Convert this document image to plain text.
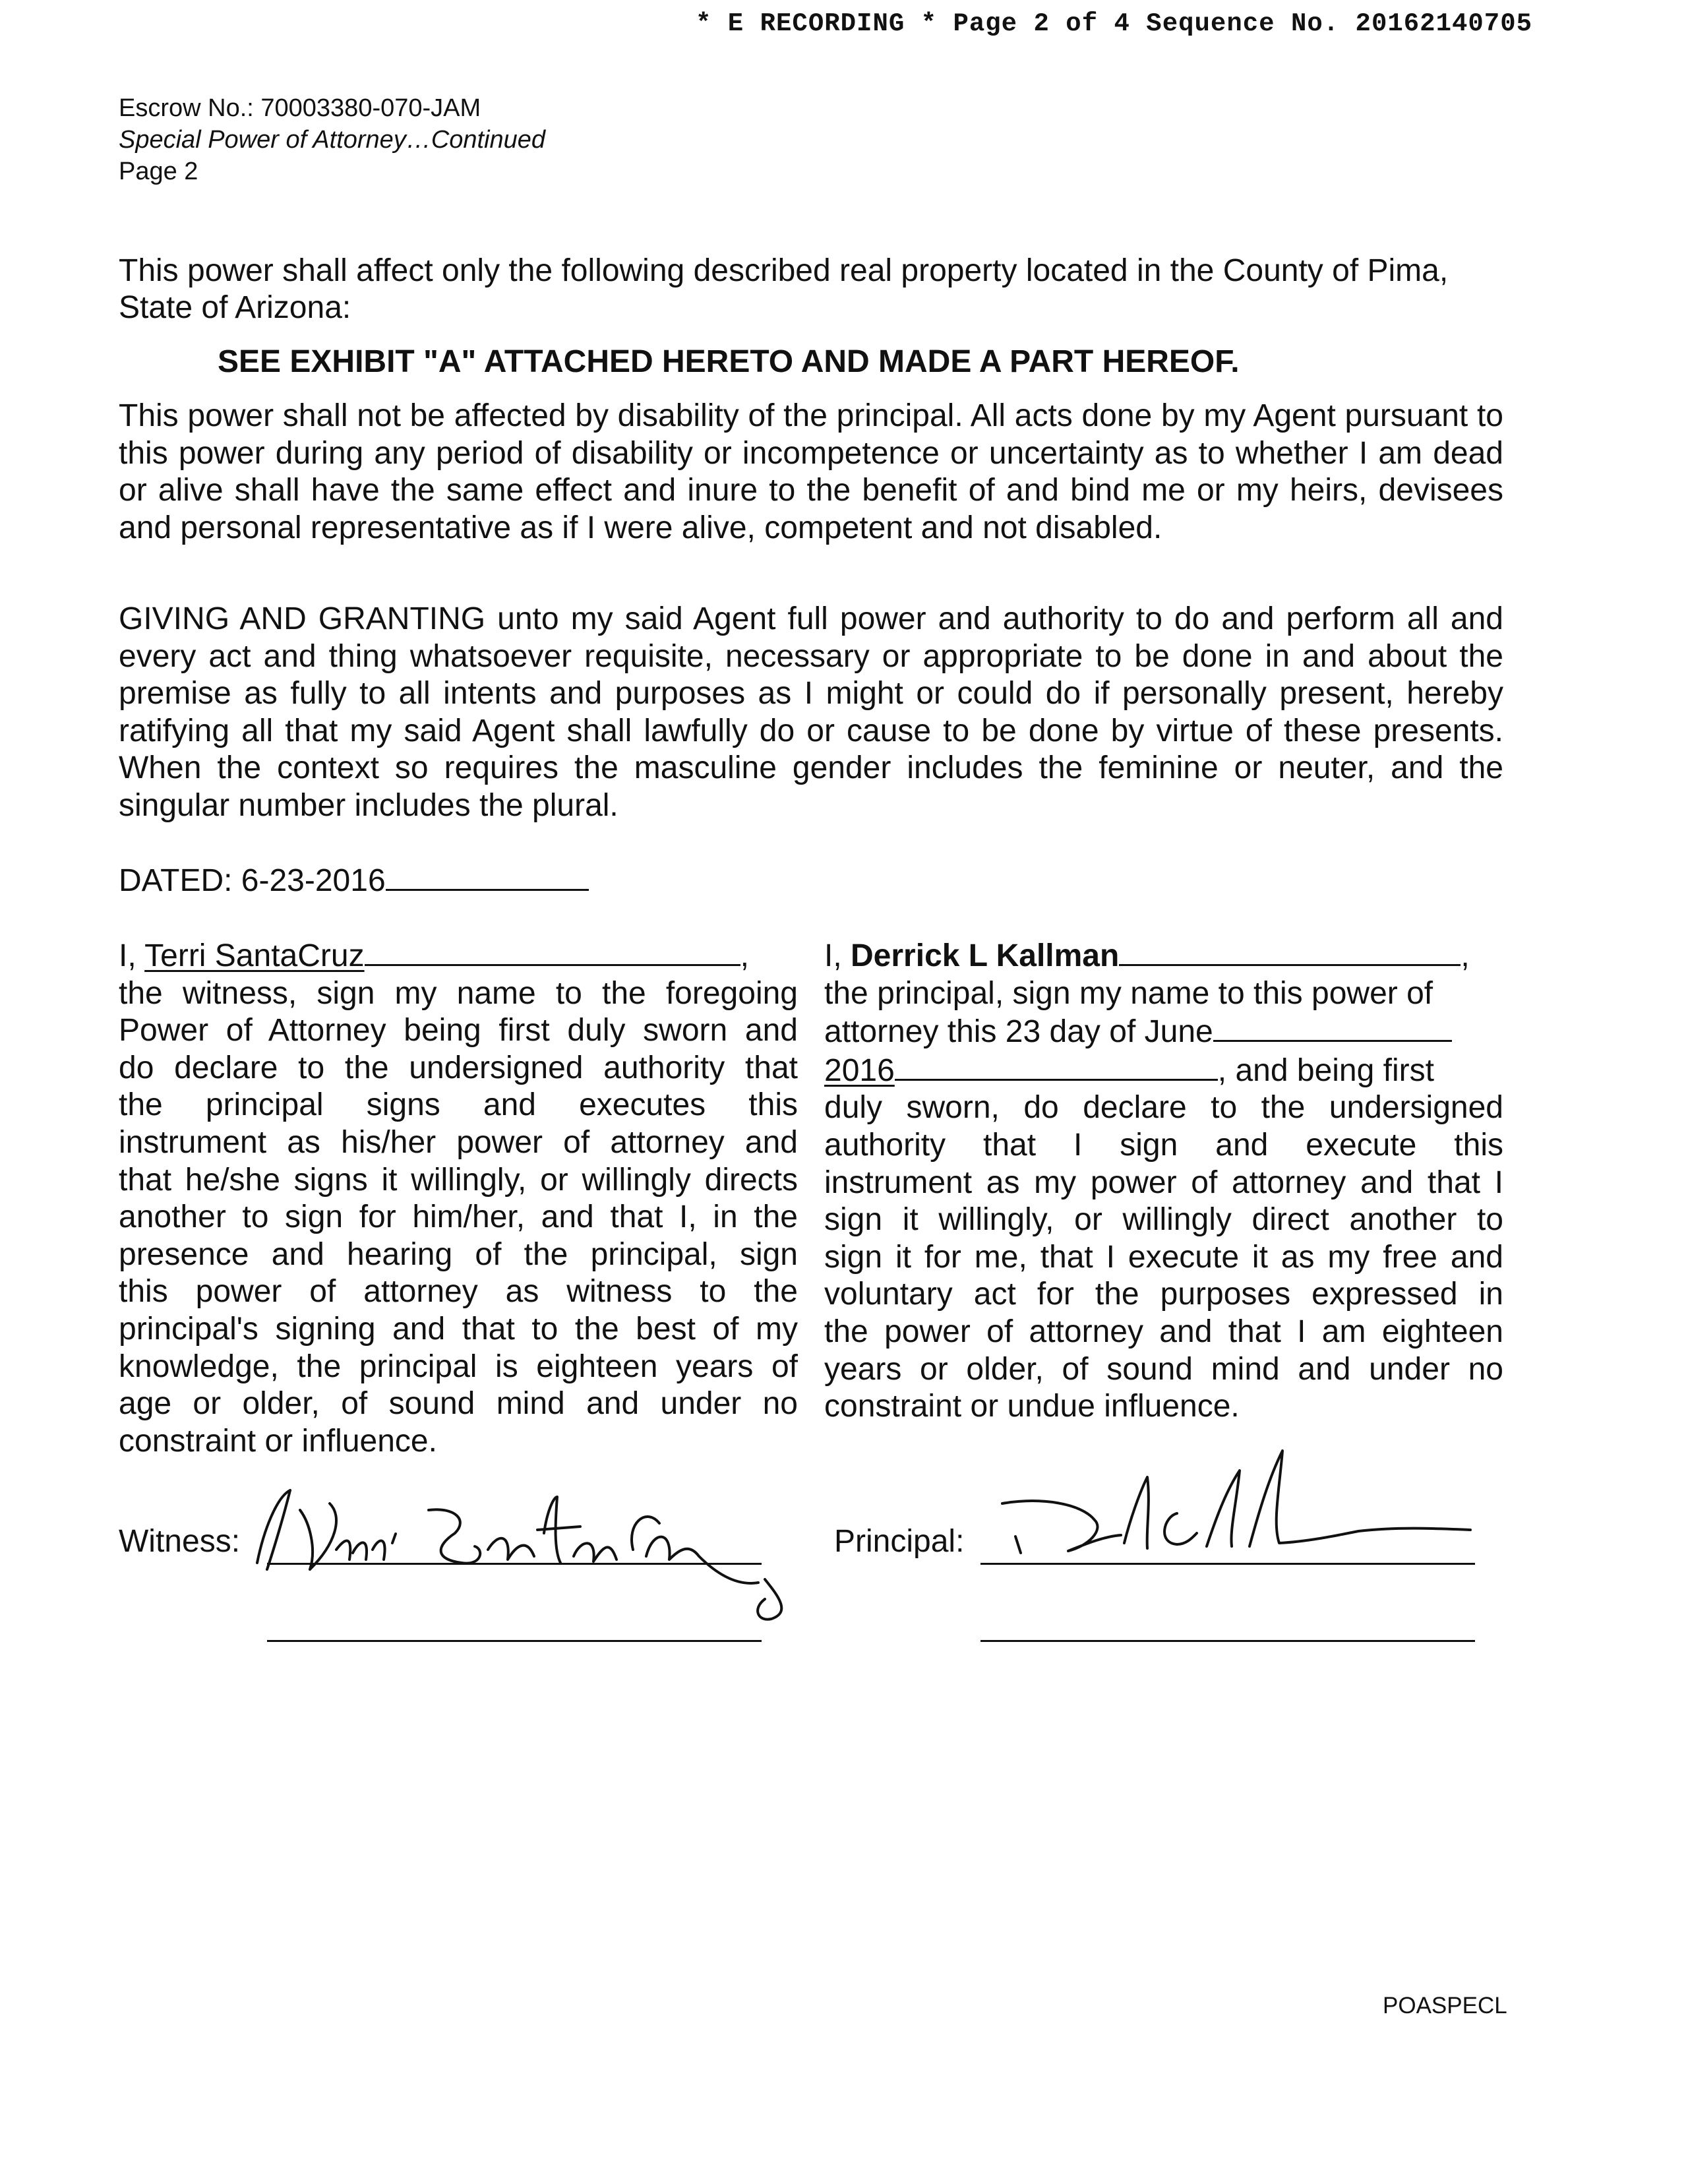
* E RECORDING * Page 2 of 4 Sequence No. 20162140705
Escrow No.: 70003380-070-JAM
Special Power of Attorney…Continued
Page 2
This power shall affect only the following described real property located in the County of Pima, State of Arizona:
SEE EXHIBIT "A" ATTACHED HERETO AND MADE A PART HEREOF.
This power shall not be affected by disability of the principal. All acts done by my Agent pursuant to this power during any period of disability or incompetence or uncertainty as to whether I am dead or alive shall have the same effect and inure to the benefit of and bind me or my heirs, devisees and personal representative as if I were alive, competent and not disabled.
GIVING AND GRANTING unto my said Agent full power and authority to do and perform all and every act and thing whatsoever requisite, necessary or appropriate to be done in and about the premise as fully to all intents and purposes as I might or could do if personally present, hereby ratifying all that my said Agent shall lawfully do or cause to be done by virtue of these presents. When the context so requires the masculine gender includes the feminine or neuter, and the singular number includes the plural.
DATED: 6-23-2016
I, Terri SantaCruz	,
the witness, sign my name to the foregoing
Power of Attorney being first duly sworn and
do declare to the undersigned authority that
the principal signs and executes this
instrument as his/her power of attorney and
that he/she signs it willingly, or willingly directs
another to sign for him/her, and that I, in the
presence and hearing of the principal, sign
this power of attorney as witness to the
principal's signing and that to the best of my
knowledge, the principal is eighteen years of
age or older, of sound mind and under no
constraint or influence.
I, Derrick L Kallman	,
the principal, sign my name to this power of
attorney this 23 day of June
2016	, and being first
duly sworn, do declare to the undersigned
authority that I sign and execute this
instrument as my power of attorney and that I
sign it willingly, or willingly direct another to
sign it for me, that I execute it as my free and
voluntary act for the purposes expressed in
the power of attorney and that I am eighteen
years or older, of sound mind and under no
constraint or undue influence.
Witness:	Principal:
POASPECL
